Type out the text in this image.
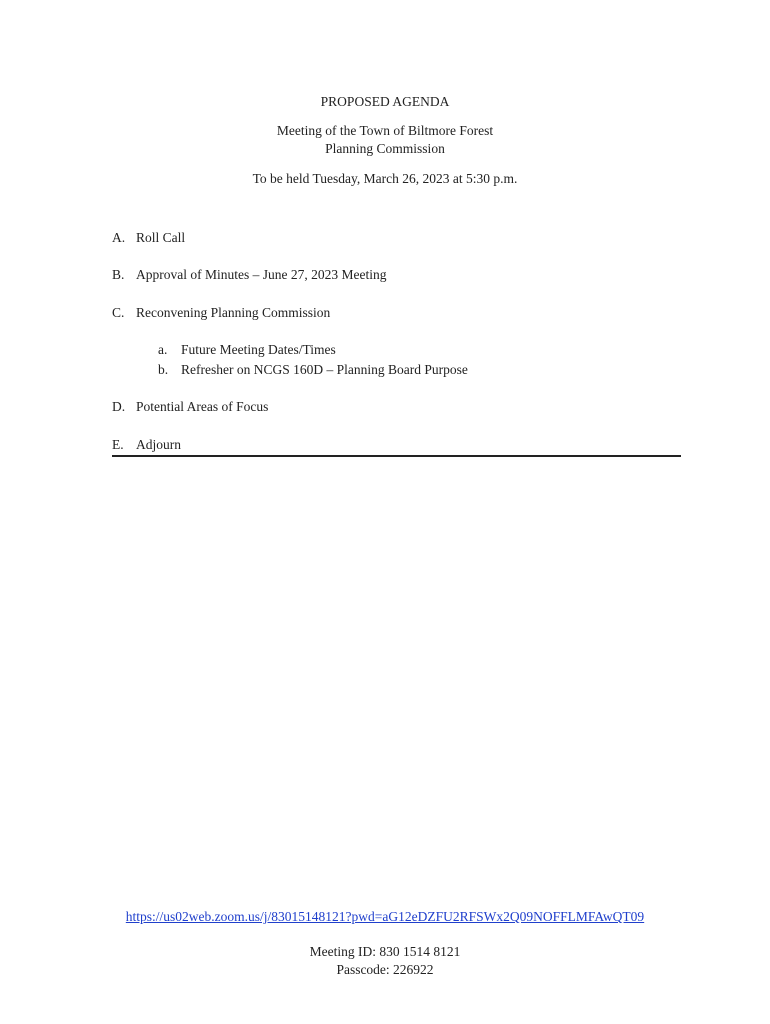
PROPOSED AGENDA
Meeting of the Town of Biltmore Forest
Planning Commission
To be held Tuesday, March 26, 2023 at 5:30 p.m.
A. Roll Call
B. Approval of Minutes – June 27, 2023 Meeting
C. Reconvening Planning Commission
a. Future Meeting Dates/Times
b. Refresher on NCGS 160D – Planning Board Purpose
D. Potential Areas of Focus
E. Adjourn
https://us02web.zoom.us/j/83015148121?pwd=aG12eDZFU2RFSWx2Q09NOFFLMFAwQT09
Meeting ID: 830 1514 8121
Passcode: 226922
